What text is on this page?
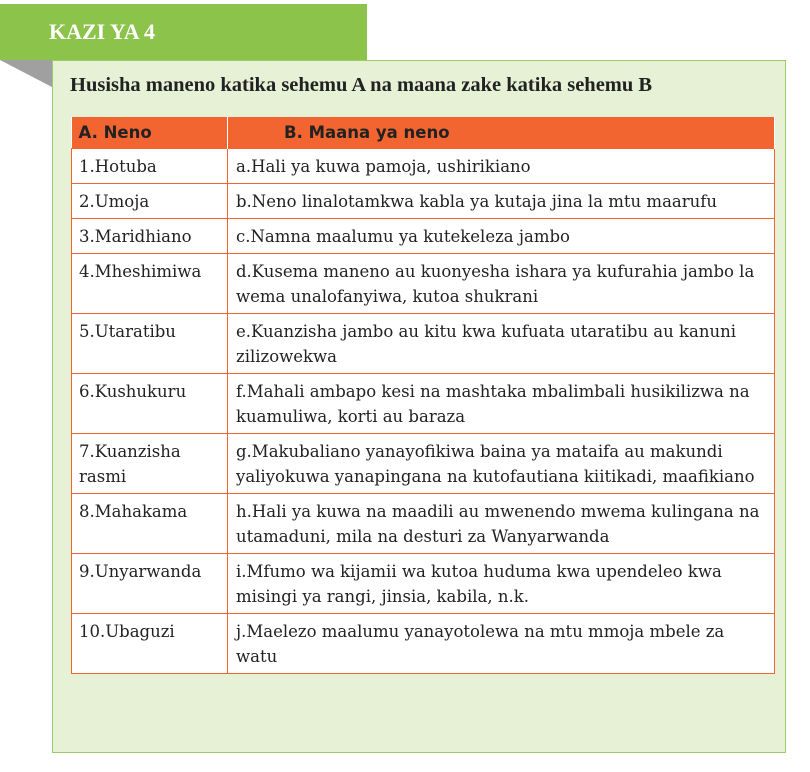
KAZI YA 4
Husisha maneno katika sehemu A na maana zake katika sehemu B
A. Neno	B. Maana ya neno
1.Hotuba	a.Hali ya kuwa pamoja, ushirikiano
2.Umoja	b.Neno linalotamkwa kabla ya kutaja jina la mtu maarufu
3.Maridhiano	c.Namna maalumu ya kutekeleza jambo
4.Mheshimiwa	d.Kusema maneno au kuonyesha ishara ya kufurahia jambo la wema unalofanyiwa, kutoa shukrani
5.Utaratibu	e.Kuanzisha jambo au kitu kwa kufuata utaratibu au kanuni zilizowekwa
6.Kushukuru	f.Mahali ambapo kesi na mashtaka mbalimbali husikilizwa na kuamuliwa, korti au baraza
7.Kuanzisha rasmi	g.Makubaliano yanayofikiwa baina ya mataifa au makundi yaliyokuwa yanapingana na kutofautiana kiitikadi, maafikiano
8.Mahakama	h.Hali ya kuwa na maadili au mwenendo mwema kulingana na utamaduni, mila na desturi za Wanyarwanda
9.Unyarwanda	i.Mfumo wa kijamii wa kutoa huduma kwa upendeleo kwa misingi ya rangi, jinsia, kabila, n.k.
10.Ubaguzi	j.Maelezo maalumu yanayotolewa na mtu mmoja mbele za watu
